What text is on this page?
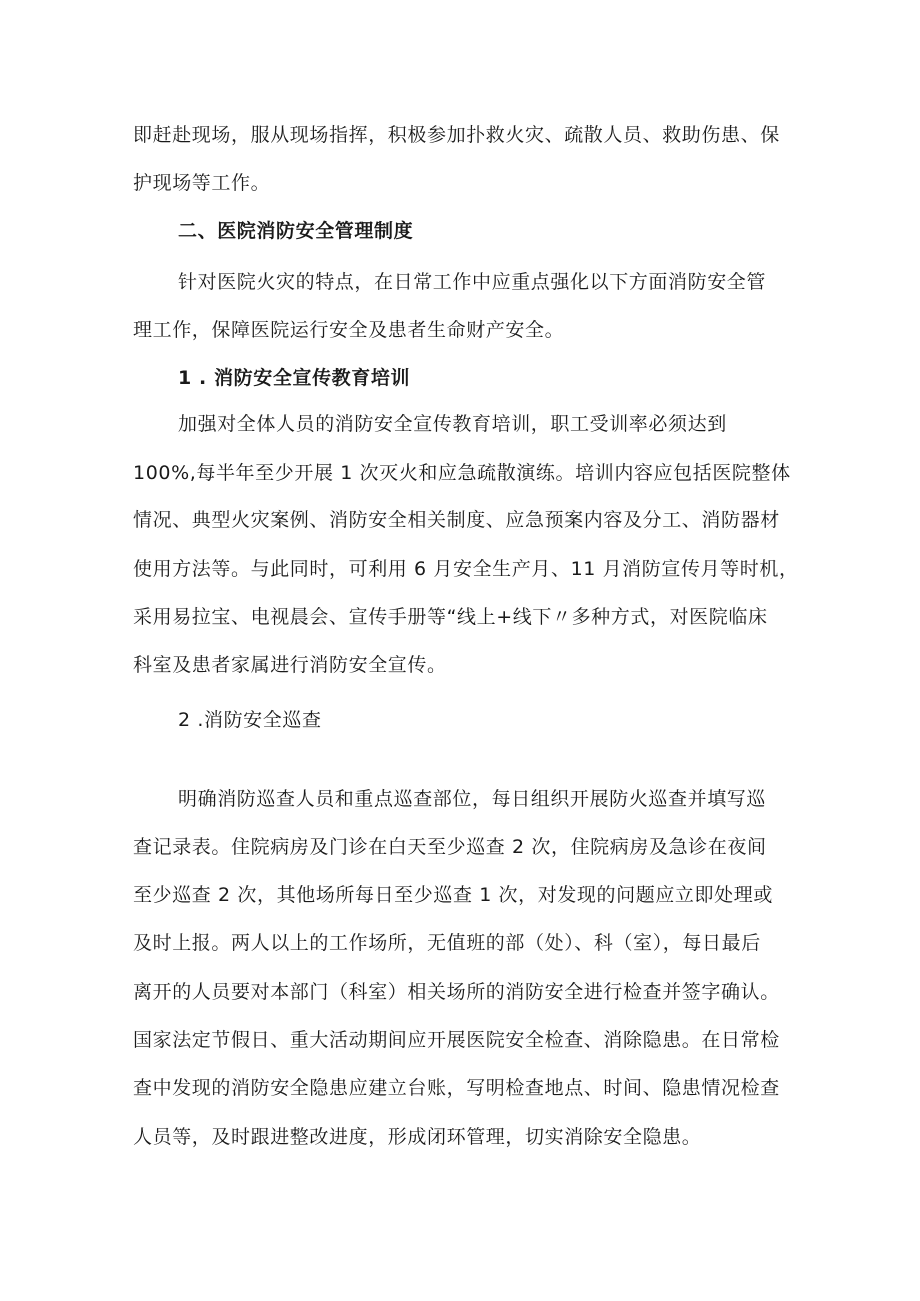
即赶赴现场，服从现场指挥，积极参加扑救火灾、疏散人员、救助伤患、保
护现场等工作。
二、医院消防安全管理制度
针对医院火灾的特点，在日常工作中应重点强化以下方面消防安全管
理工作，保障医院运行安全及患者生命财产安全。
1 . 消防安全宣传教育培训
加强对全体人员的消防安全宣传教育培训，职工受训率必须达到
100%,每半年至少开展 1 次灭火和应急疏散演练。培训内容应包括医院整体
情况、典型火灾案例、消防安全相关制度、应急预案内容及分工、消防器材
使用方法等。与此同时，可利用 6 月安全生产月、11 月消防宣传月等时机，
采用易拉宝、电视晨会、宣传手册等“线上+线下〃多种方式，对医院临床
科室及患者家属进行消防安全宣传。
2 .消防安全巡查
明确消防巡查人员和重点巡查部位，每日组织开展防火巡查并填写巡
查记录表。住院病房及门诊在白天至少巡查 2 次，住院病房及急诊在夜间
至少巡查 2 次，其他场所每日至少巡查 1 次，对发现的问题应立即处理或
及时上报。两人以上的工作场所，无值班的部（处）、科（室），每日最后
离开的人员要对本部门（科室）相关场所的消防安全进行检查并签字确认。
国家法定节假日、重大活动期间应开展医院安全检查、消除隐患。在日常检
查中发现的消防安全隐患应建立台账，写明检查地点、时间、隐患情况检查
人员等，及时跟进整改进度，形成闭环管理，切实消除安全隐患。
